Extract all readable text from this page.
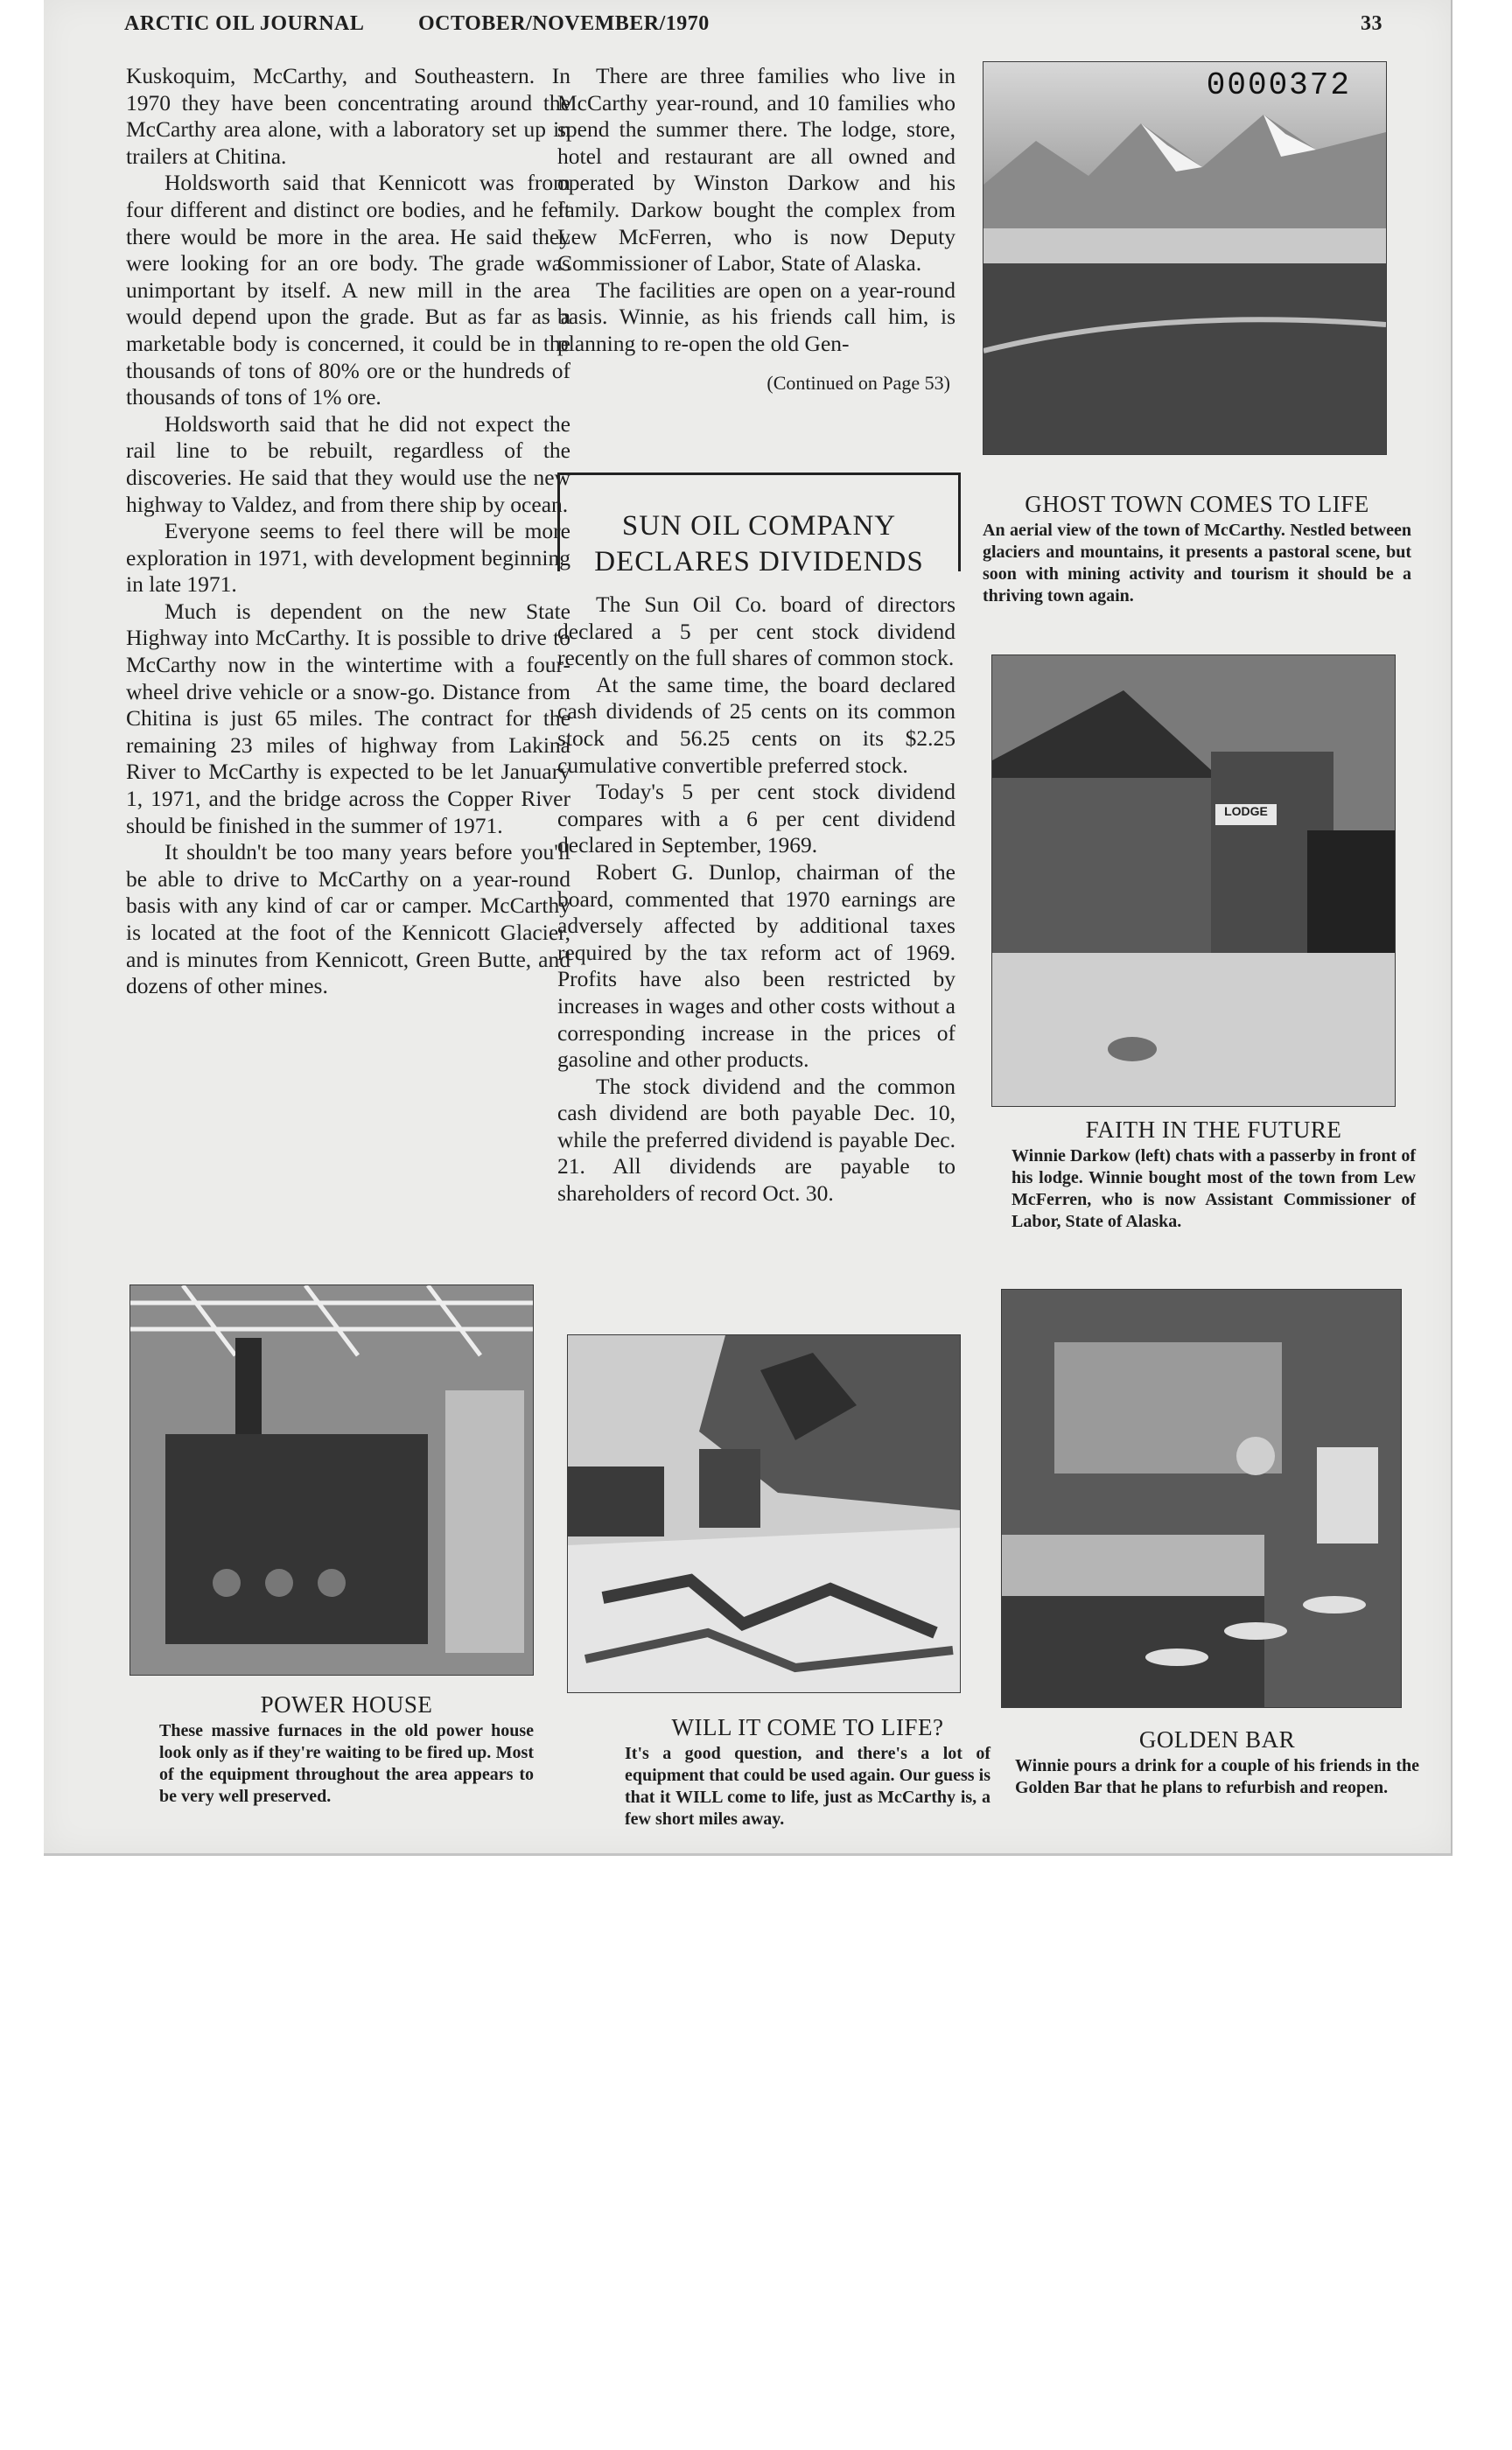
ARCTIC OIL JOURNAL	OCTOBER/NOVEMBER/1970	33

Kuskoquim, McCarthy, and Southeastern. In 1970 they have been concentrating around the McCarthy area alone, with a laboratory set up in trailers at Chitina.

Holdsworth said that Kennicott was from four different and distinct ore bodies, and he felt there would be more in the area. He said they were looking for an ore body. The grade was unimportant by itself. A new mill in the area would depend upon the grade. But as far as a marketable body is concerned, it could be in the thousands of tons of 80% ore or the hundreds of thousands of tons of 1% ore.

Holdsworth said that he did not expect the rail line to be rebuilt, regardless of the discoveries. He said that they would use the new highway to Valdez, and from there ship by ocean.

Everyone seems to feel there will be more exploration in 1971, with development beginning in late 1971.

Much is dependent on the new State Highway into McCarthy. It is possible to drive to McCarthy now in the wintertime with a four-wheel drive vehicle or a snow-go. Distance from Chitina is just 65 miles. The contract for the remaining 23 miles of highway from Lakina River to McCarthy is expected to be let January 1, 1971, and the bridge across the Copper River should be finished in the summer of 1971.

It shouldn't be too many years before you'll be able to drive to McCarthy on a year-round basis with any kind of car or camper. McCarthy is located at the foot of the Kennicott Glacier, and is minutes from Kennicott, Green Butte, and dozens of other mines.

There are three families who live in McCarthy year-round, and 10 families who spend the summer there. The lodge, store, hotel and restaurant are all owned and operated by Winston Darkow and his family. Darkow bought the complex from Lew McFerren, who is now Deputy Commissioner of Labor, State of Alaska.

The facilities are open on a year-round basis. Winnie, as his friends call him, is planning to re-open the old Gen-

(Continued on Page 53)
SUN OIL COMPANY
DECLARES DIVIDENDS

The Sun Oil Co. board of directors declared a 5 per cent stock dividend recently on the full shares of common stock.

At the same time, the board declared cash dividends of 25 cents on its common stock and 56.25 cents on its $2.25 cumulative convertible preferred stock.

Today's 5 per cent stock dividend compares with a 6 per cent dividend declared in September, 1969.

Robert G. Dunlop, chairman of the board, commented that 1970 earnings are adversely affected by additional taxes required by the tax reform act of 1969. Profits have also been restricted by increases in wages and other costs without a corresponding increase in the prices of gasoline and other products.

The stock dividend and the common cash dividend are both payable Dec. 10, while the preferred dividend is payable Dec. 21. All dividends are payable to shareholders of record Oct. 30.

0000372
GHOST TOWN COMES TO LIFE
An aerial view of the town of McCarthy. Nestled between glaciers and mountains, it presents a pastoral scene, but soon with mining activity and tourism it should be a thriving town again.
LODGE
FAITH IN THE FUTURE
Winnie Darkow (left) chats with a passerby in front of his lodge. Winnie bought most of the town from Lew McFerren, who is now Assistant Commissioner of Labor, State of Alaska.
POWER HOUSE
These massive furnaces in the old power house look only as if they're waiting to be fired up. Most of the equipment throughout the area appears to be very well preserved.
WILL IT COME TO LIFE?
It's a good question, and there's a lot of equipment that could be used again. Our guess is that it WILL come to life, just as McCarthy is, a few short miles away.
GOLDEN BAR
Winnie pours a drink for a couple of his friends in the Golden Bar that he plans to refurbish and reopen.
